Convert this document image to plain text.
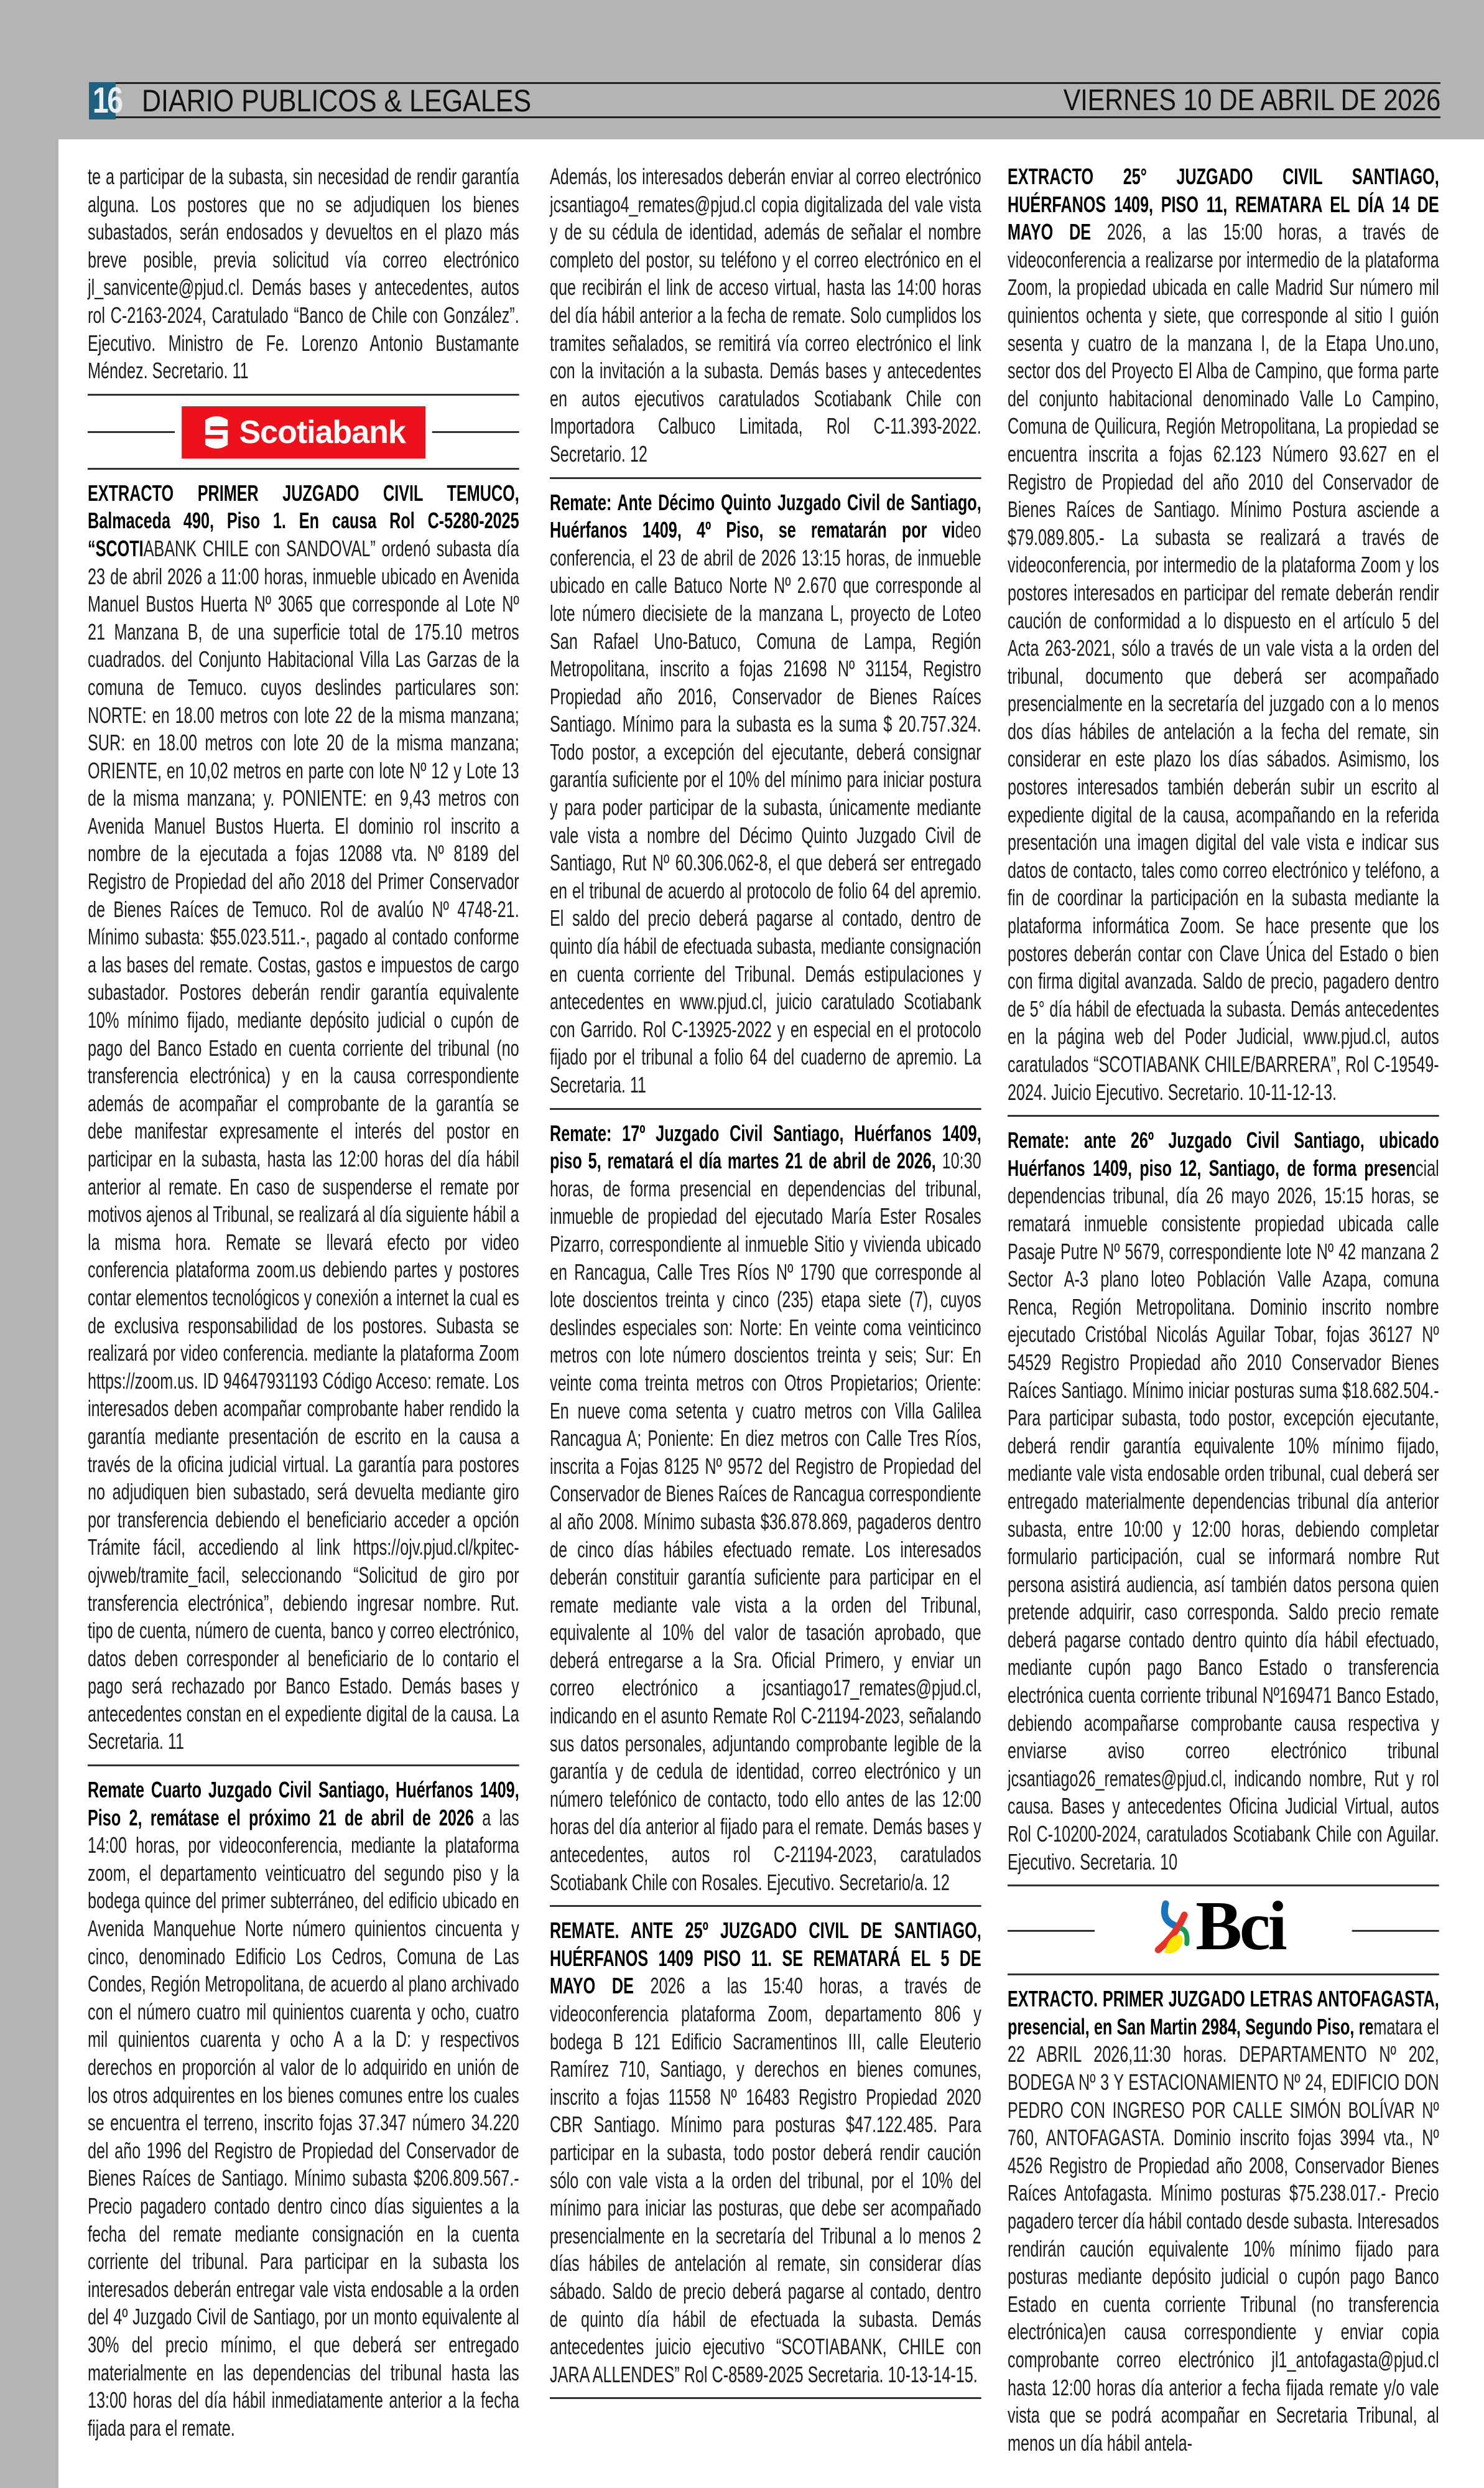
16 DIARIO PUBLICOS & LEGALES	VIERNES 10 DE ABRIL DE 2026

te a participar de la subasta, sin necesidad de rendir garantía alguna. Los postores que no se adjudiquen los bienes subastados, serán endosados y devueltos en el plazo más breve posible, previa solicitud vía correo electrónico jl_sanvicente@pjud.cl. Demás bases y antecedentes, autos rol C-2163-2024, Caratulado “Banco de Chile con González”. Ejecutivo. Ministro de Fe. Lorenzo Antonio Bustamante Méndez. Secretario. 11

Scotiabank

EXTRACTO PRIMER JUZGADO CIVIL TEMUCO, Balmaceda 490, Piso 1. En causa Rol C-5280-2025 “SCOTIABANK CHILE con SANDOVAL” ordenó subasta día 23 de abril 2026 a 11:00 horas, inmueble ubicado en Avenida Manuel Bustos Huerta Nº 3065 que corresponde al Lote Nº 21 Manzana B, de una superficie total de 175.10 metros cuadrados. del Conjunto Habitacional Villa Las Garzas de la comuna de Temuco. cuyos deslindes particulares son: NORTE: en 18.00 metros con lote 22 de la misma manzana; SUR: en 18.00 metros con lote 20 de la misma manzana; ORIENTE, en 10,02 metros en parte con lote Nº 12 y Lote 13 de la misma manzana; y. PONIENTE: en 9,43 metros con Avenida Manuel Bustos Huerta. El dominio rol inscrito a nombre de la ejecutada a fojas 12088 vta. Nº 8189 del Registro de Propiedad del año 2018 del Primer Conservador de Bienes Raíces de Temuco. Rol de avalúo Nº 4748-21. Mínimo subasta: $55.023.511.-, pagado al contado conforme a las bases del remate. Costas, gastos e impuestos de cargo subastador. Postores deberán rendir garantía equivalente 10% mínimo fijado, mediante depósito judicial o cupón de pago del Banco Estado en cuenta corriente del tribunal (no transferencia electrónica) y en la causa correspondiente además de acompañar el comprobante de la garantía se debe manifestar expresamente el interés del postor en participar en la subasta, hasta las 12:00 horas del día hábil anterior al remate. En caso de suspenderse el remate por motivos ajenos al Tribunal, se realizará al día siguiente hábil a la misma hora. Remate se llevará efecto por video conferencia plataforma zoom.us debiendo partes y postores contar elementos tecnológicos y conexión a internet la cual es de exclusiva responsabilidad de los postores. Subasta se realizará por video conferencia. mediante la plataforma Zoom https://zoom.us. ID 94647931193 Código Acceso: remate. Los interesados deben acompañar comprobante haber rendido la garantía mediante presentación de escrito en la causa a través de la oficina judicial virtual. La garantía para postores no adjudiquen bien subastado, será devuelta mediante giro por transferencia debiendo el beneficiario acceder a opción Trámite fácil, accediendo al link https://ojv.pjud.cl/kpitec-ojvweb/tramite_facil, seleccionando “Solicitud de giro por transferencia electrónica”, debiendo ingresar nombre. Rut. tipo de cuenta, número de cuenta, banco y correo electrónico, datos deben corresponder al beneficiario de lo contario el pago será rechazado por Banco Estado. Demás bases y antecedentes constan en el expediente digital de la causa. La Secretaria. 11

Remate Cuarto Juzgado Civil Santiago, Huérfanos 1409, Piso 2, remátase el próximo 21 de abril de 2026 a las 14:00 horas, por videoconferencia, mediante la plataforma zoom, el departamento veinticuatro del segundo piso y la bodega quince del primer subterráneo, del edificio ubicado en Avenida Manquehue Norte número quinientos cincuenta y cinco, denominado Edificio Los Cedros, Comuna de Las Condes, Región Metropolitana, de acuerdo al plano archivado con el número cuatro mil quinientos cuarenta y ocho, cuatro mil quinientos cuarenta y ocho A a la D: y respectivos derechos en proporción al valor de lo adquirido en unión de los otros adquirentes en los bienes comunes entre los cuales se encuentra el terreno, inscrito fojas 37.347 número 34.220 del año 1996 del Registro de Propiedad del Conservador de Bienes Raíces de Santiago. Mínimo subasta $206.809.567.- Precio pagadero contado dentro cinco días siguientes a la fecha del remate mediante consignación en la cuenta corriente del tribunal. Para participar en la subasta los interesados deberán entregar vale vista endosable a la orden del 4º Juzgado Civil de Santiago, por un monto equivalente al 30% del precio mínimo, el que deberá ser entregado materialmente en las dependencias del tribunal hasta las 13:00 horas del día hábil inmediatamente anterior a la fecha fijada para el remate.

Además, los interesados deberán enviar al correo electrónico jcsantiago4_remates@pjud.cl copia digitalizada del vale vista y de su cédula de identidad, además de señalar el nombre completo del postor, su teléfono y el correo electrónico en el que recibirán el link de acceso virtual, hasta las 14:00 horas del día hábil anterior a la fecha de remate. Solo cumplidos los tramites señalados, se remitirá vía correo electrónico el link con la invitación a la subasta. Demás bases y antecedentes en autos ejecutivos caratulados Scotiabank Chile con Importadora Calbuco Limitada, Rol C-11.393-2022. Secretario. 12

Remate: Ante Décimo Quinto Juzgado Civil de Santiago, Huérfanos 1409, 4º Piso, se rematarán por video conferencia, el 23 de abril de 2026 13:15 horas, de inmueble ubicado en calle Batuco Norte Nº 2.670 que corresponde al lote número diecisiete de la manzana L, proyecto de Loteo San Rafael Uno-Batuco, Comuna de Lampa, Región Metropolitana, inscrito a fojas 21698 Nº 31154, Registro Propiedad año 2016, Conservador de Bienes Raíces Santiago. Mínimo para la subasta es la suma $ 20.757.324. Todo postor, a excepción del ejecutante, deberá consignar garantía suficiente por el 10% del mínimo para iniciar postura y para poder participar de la subasta, únicamente mediante vale vista a nombre del Décimo Quinto Juzgado Civil de Santiago, Rut Nº 60.306.062-8, el que deberá ser entregado en el tribunal de acuerdo al protocolo de folio 64 del apremio. El saldo del precio deberá pagarse al contado, dentro de quinto día hábil de efectuada subasta, mediante consignación en cuenta corriente del Tribunal. Demás estipulaciones y antecedentes en www.pjud.cl, juicio caratulado Scotiabank con Garrido. Rol C-13925-2022 y en especial en el protocolo fijado por el tribunal a folio 64 del cuaderno de apremio. La Secretaria. 11

Remate: 17º Juzgado Civil Santiago, Huérfanos 1409, piso 5, rematará el día martes 21 de abril de 2026, 10:30 horas, de forma presencial en dependencias del tribunal, inmueble de propiedad del ejecutado María Ester Rosales Pizarro, correspondiente al inmueble Sitio y vivienda ubicado en Rancagua, Calle Tres Ríos Nº 1790 que corresponde al lote doscientos treinta y cinco (235) etapa siete (7), cuyos deslindes especiales son: Norte: En veinte coma veinticinco metros con lote número doscientos treinta y seis; Sur: En veinte coma treinta metros con Otros Propietarios; Oriente: En nueve coma setenta y cuatro metros con Villa Galilea Rancagua A; Poniente: En diez metros con Calle Tres Ríos, inscrita a Fojas 8125 Nº 9572 del Registro de Propiedad del Conservador de Bienes Raíces de Rancagua correspondiente al año 2008. Mínimo subasta $36.878.869, pagaderos dentro de cinco días hábiles efectuado remate. Los interesados deberán constituir garantía suficiente para participar en el remate mediante vale vista a la orden del Tribunal, equivalente al 10% del valor de tasación aprobado, que deberá entregarse a la Sra. Oficial Primero, y enviar un correo electrónico a jcsantiago17_remates@pjud.cl, indicando en el asunto Remate Rol C-21194-2023, señalando sus datos personales, adjuntando comprobante legible de la garantía y de cedula de identidad, correo electrónico y un número telefónico de contacto, todo ello antes de las 12:00 horas del día anterior al fijado para el remate. Demás bases y antecedentes, autos rol C-21194-2023, caratulados Scotiabank Chile con Rosales. Ejecutivo. Secretario/a. 12

REMATE. ANTE 25º JUZGADO CIVIL DE SANTIAGO, HUÉRFANOS 1409 PISO 11. SE REMATARÁ EL 5 DE MAYO DE 2026 a las 15:40 horas, a través de videoconferencia plataforma Zoom, departamento 806 y bodega B 121 Edificio Sacramentinos III, calle Eleuterio Ramírez 710, Santiago, y derechos en bienes comunes, inscrito a fojas 11558 Nº 16483 Registro Propiedad 2020 CBR Santiago. Mínimo para posturas $47.122.485. Para participar en la subasta, todo postor deberá rendir caución sólo con vale vista a la orden del tribunal, por el 10% del mínimo para iniciar las posturas, que debe ser acompañado presencialmente en la secretaría del Tribunal a lo menos 2 días hábiles de antelación al remate, sin considerar días sábado. Saldo de precio deberá pagarse al contado, dentro de quinto día hábil de efectuada la subasta. Demás antecedentes juicio ejecutivo “SCOTIABANK, CHILE con JARA ALLENDES” Rol C-8589-2025 Secretaria. 10-13-14-15.

EXTRACTO 25° JUZGADO CIVIL SANTIAGO, HUÉRFANOS 1409, PISO 11, REMATARA EL DÍA 14 DE MAYO DE 2026, a las 15:00 horas, a través de videoconferencia a realizarse por intermedio de la plataforma Zoom, la propiedad ubicada en calle Madrid Sur número mil quinientos ochenta y siete, que corresponde al sitio I guión sesenta y cuatro de la manzana I, de la Etapa Uno.uno, sector dos del Proyecto El Alba de Campino, que forma parte del conjunto habitacional denominado Valle Lo Campino, Comuna de Quilicura, Región Metropolitana, La propiedad se encuentra inscrita a fojas 62.123 Número 93.627 en el Registro de Propiedad del año 2010 del Conservador de Bienes Raíces de Santiago. Mínimo Postura asciende a $79.089.805.- La subasta se realizará a través de videoconferencia, por intermedio de la plataforma Zoom y los postores interesados en participar del remate deberán rendir caución de conformidad a lo dispuesto en el artículo 5 del Acta 263-2021, sólo a través de un vale vista a la orden del tribunal, documento que deberá ser acompañado presencialmente en la secretaría del juzgado con a lo menos dos días hábiles de antelación a la fecha del remate, sin considerar en este plazo los días sábados. Asimismo, los postores interesados también deberán subir un escrito al expediente digital de la causa, acompañando en la referida presentación una imagen digital del vale vista e indicar sus datos de contacto, tales como correo electrónico y teléfono, a fin de coordinar la participación en la subasta mediante la plataforma informática Zoom. Se hace presente que los postores deberán contar con Clave Única del Estado o bien con firma digital avanzada. Saldo de precio, pagadero dentro de 5° día hábil de efectuada la subasta. Demás antecedentes en la página web del Poder Judicial, www.pjud.cl, autos caratulados “SCOTIABANK CHILE/BARRERA”, Rol C-19549-2024. Juicio Ejecutivo. Secretario. 10-11-12-13.

Remate: ante 26º Juzgado Civil Santiago, ubicado Huérfanos 1409, piso 12, Santiago, de forma presencial dependencias tribunal, día 26 mayo 2026, 15:15 horas, se rematará inmueble consistente propiedad ubicada calle Pasaje Putre Nº 5679, correspondiente lote Nº 42 manzana 2 Sector A-3 plano loteo Población Valle Azapa, comuna Renca, Región Metropolitana. Dominio inscrito nombre ejecutado Cristóbal Nicolás Aguilar Tobar, fojas 36127 Nº 54529 Registro Propiedad año 2010 Conservador Bienes Raíces Santiago. Mínimo iniciar posturas suma $18.682.504.- Para participar subasta, todo postor, excepción ejecutante, deberá rendir garantía equivalente 10% mínimo fijado, mediante vale vista endosable orden tribunal, cual deberá ser entregado materialmente dependencias tribunal día anterior subasta, entre 10:00 y 12:00 horas, debiendo completar formulario participación, cual se informará nombre Rut persona asistirá audiencia, así también datos persona quien pretende adquirir, caso corresponda. Saldo precio remate deberá pagarse contado dentro quinto día hábil efectuado, mediante cupón pago Banco Estado o transferencia electrónica cuenta corriente tribunal Nº169471 Banco Estado, debiendo acompañarse comprobante causa respectiva y enviarse aviso correo electrónico tribunal jcsantiago26_remates@pjud.cl, indicando nombre, Rut y rol causa. Bases y antecedentes Oficina Judicial Virtual, autos Rol C-10200-2024, caratulados Scotiabank Chile con Aguilar. Ejecutivo. Secretaria. 10

Bci

EXTRACTO. PRIMER JUZGADO LETRAS ANTOFAGASTA, presencial, en San Martin 2984, Segundo Piso, rematara el 22 ABRIL 2026,11:30 horas. DEPARTAMENTO Nº 202, BODEGA Nº 3 Y ESTACIONAMIENTO Nº 24, EDIFICIO DON PEDRO CON INGRESO POR CALLE SIMÓN BOLÍVAR Nº 760, ANTOFAGASTA. Dominio inscrito fojas 3994 vta., Nº 4526 Registro de Propiedad año 2008, Conservador Bienes Raíces Antofagasta. Mínimo posturas $75.238.017.- Precio pagadero tercer día hábil contado desde subasta. Interesados rendirán caución equivalente 10% mínimo fijado para posturas mediante depósito judicial o cupón pago Banco Estado en cuenta corriente Tribunal (no transferencia electrónica)en causa correspondiente y enviar copia comprobante correo electrónico jl1_antofagasta@pjud.cl hasta 12:00 horas día anterior a fecha fijada remate y/o vale vista que se podrá acompañar en Secretaria Tribunal, al menos un día hábil antela-
